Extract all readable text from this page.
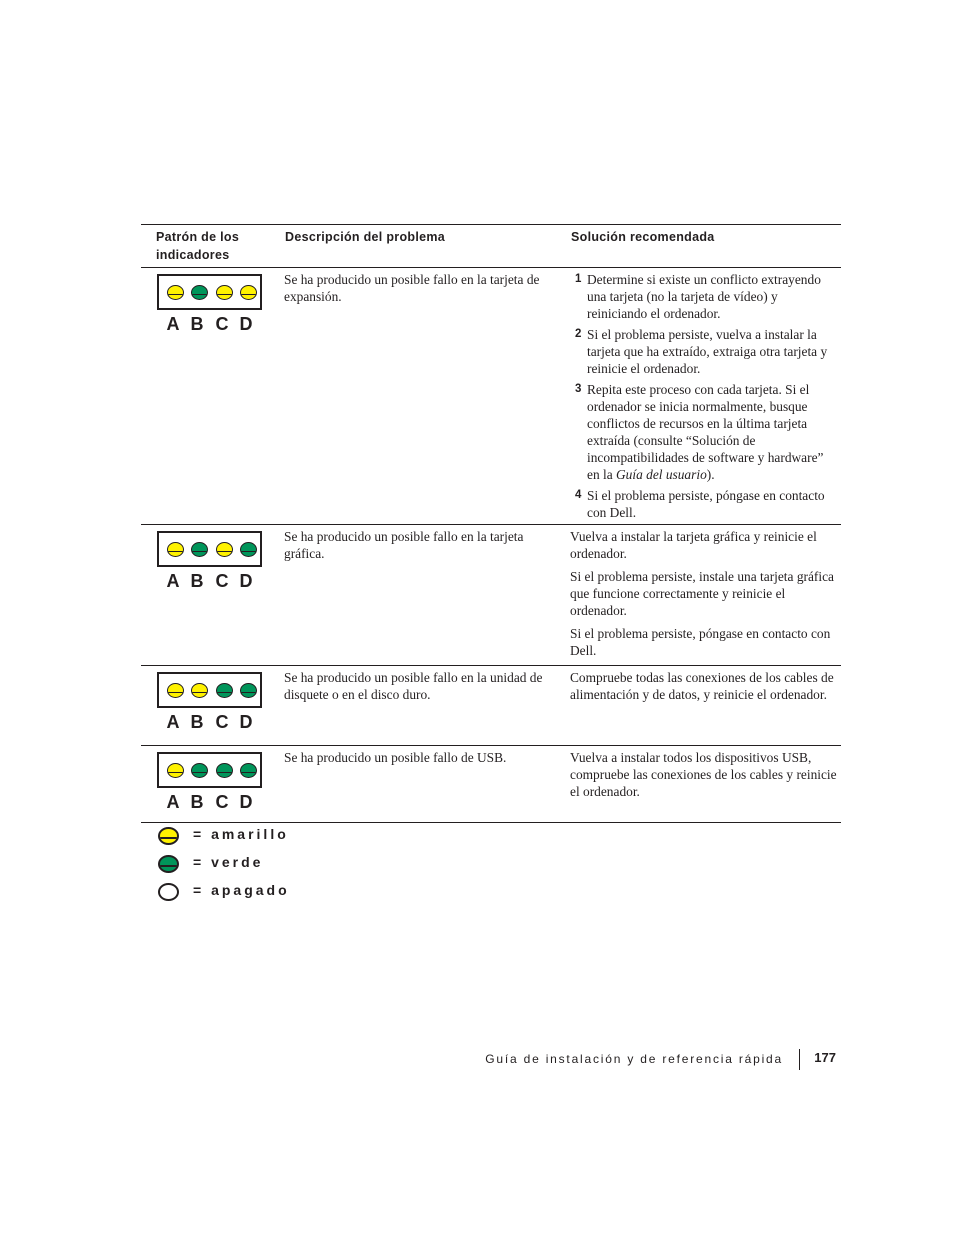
Patrón de los indicadores
Descripción del problema	Solución recomendada
A B C D
Se ha producido un posible fallo en la tarjeta de expansión.
1 Determine si existe un conflicto extrayendo una tarjeta (no la tarjeta de vídeo) y reiniciando el ordenador.
2 Si el problema persiste, vuelva a instalar la tarjeta que ha extraído, extraiga otra tarjeta y reinicie el ordenador.
3 Repita este proceso con cada tarjeta. Si el ordenador se inicia normalmente, busque conflictos de recursos en la última tarjeta extraída (consulte “Solución de incompatibilidades de software y hardware” en la Guía del usuario).
4 Si el problema persiste, póngase en contacto con Dell.
A B C D
Se ha producido un posible fallo en la tarjeta gráfica.

Vuelva a instalar la tarjeta gráfica y reinicie el ordenador.

Si el problema persiste, instale una tarjeta gráfica que funcione correctamente y reinicie el ordenador.

Si el problema persiste, póngase en contacto con Dell.

A B C D
Se ha producido un posible fallo en la unidad de disquete o en el disco duro.

Compruebe todas las conexiones de los cables de alimentación y de datos, y reinicie el ordenador.

A B C D
Se ha producido un posible fallo de USB.	Vuelva a instalar todos los dispositivos USB, compruebe las conexiones de los cables y reinicie el ordenador.

= amarillo
= verde
= apagado
Guía de instalación y de referencia rápida 177
